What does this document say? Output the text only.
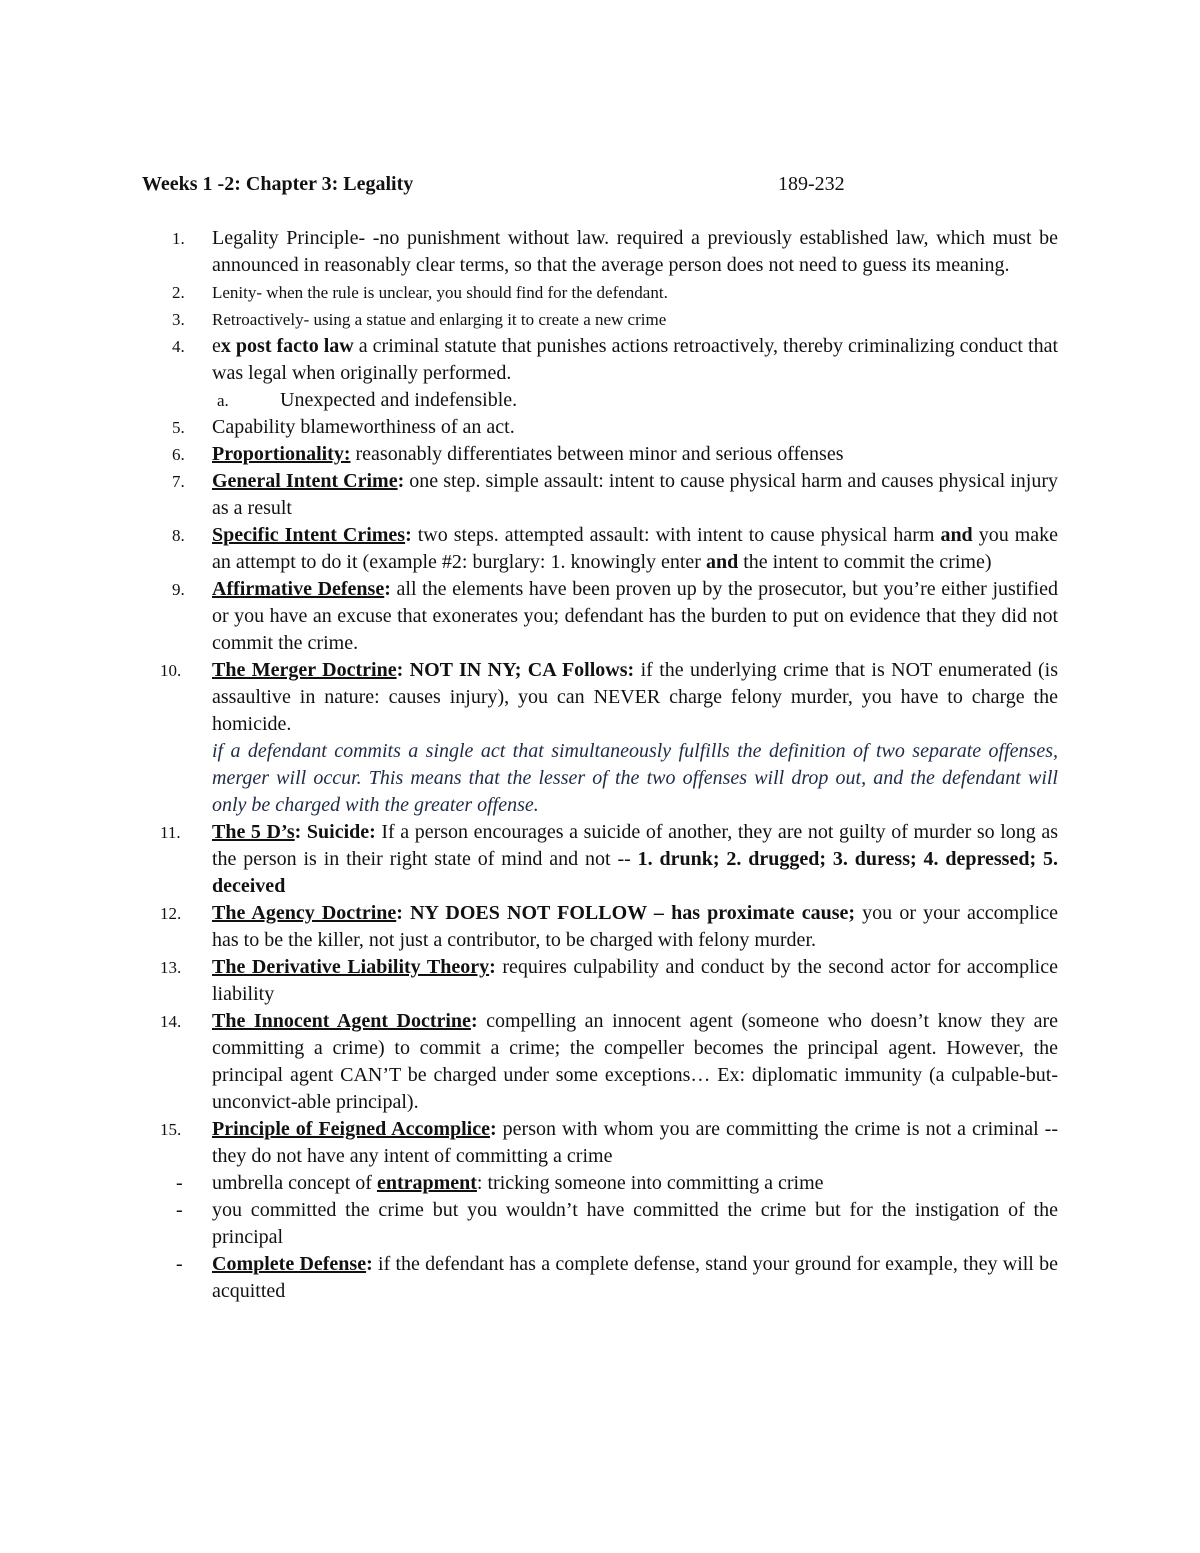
Weeks 1 -2: Chapter 3: Legality	189-232
1. Legality Principle- -no punishment without law. required a previously established law, which must be announced in reasonably clear terms, so that the average person does not need to guess its meaning.
2. Lenity- when the rule is unclear, you should find for the defendant.
3. Retroactively- using a statue and enlarging it to create a new crime
4. ex post facto law a criminal statute that punishes actions retroactively, thereby criminalizing conduct that was legal when originally performed.
a.	Unexpected and indefensible.
5. Capability blameworthiness of an act.
6. Proportionality: reasonably differentiates between minor and serious offenses
7. General Intent Crime: one step. simple assault: intent to cause physical harm and causes physical injury as a result
8. Specific Intent Crimes: two steps. attempted assault: with intent to cause physical harm and you make an attempt to do it (example #2: burglary: 1. knowingly enter and the intent to commit the crime)
9. Affirmative Defense: all the elements have been proven up by the prosecutor, but you’re either justified or you have an excuse that exonerates you; defendant has the burden to put on evidence that they did not commit the crime.
10. The Merger Doctrine: NOT IN NY; CA Follows: if the underlying crime that is NOT enumerated (is assaultive in nature: causes injury), you can NEVER charge felony murder, you have to charge the homicide.
if a defendant commits a single act that simultaneously fulfills the definition of two separate offenses, merger will occur. This means that the lesser of the two offenses will drop out, and the defendant will only be charged with the greater offense.
11. The 5 D’s: Suicide: If a person encourages a suicide of another, they are not guilty of murder so long as the person is in their right state of mind and not -- 1. drunk; 2. drugged; 3. duress; 4. depressed; 5. deceived
12. The Agency Doctrine: NY DOES NOT FOLLOW – has proximate cause; you or your accomplice has to be the killer, not just a contributor, to be charged with felony murder.
13. The Derivative Liability Theory: requires culpability and conduct by the second actor for accomplice liability
14. The Innocent Agent Doctrine: compelling an innocent agent (someone who doesn’t know they are committing a crime) to commit a crime; the compeller becomes the principal agent. However, the principal agent CAN’T be charged under some exceptions… Ex: diplomatic immunity (a culpable-but-unconvict-able principal).
15. Principle of Feigned Accomplice: person with whom you are committing the crime is not a criminal -- they do not have any intent of committing a crime
- umbrella concept of entrapment: tricking someone into committing a crime
- you committed the crime but you wouldn’t have committed the crime but for the instigation of the principal
- Complete Defense: if the defendant has a complete defense, stand your ground for example, they will be acquitted
